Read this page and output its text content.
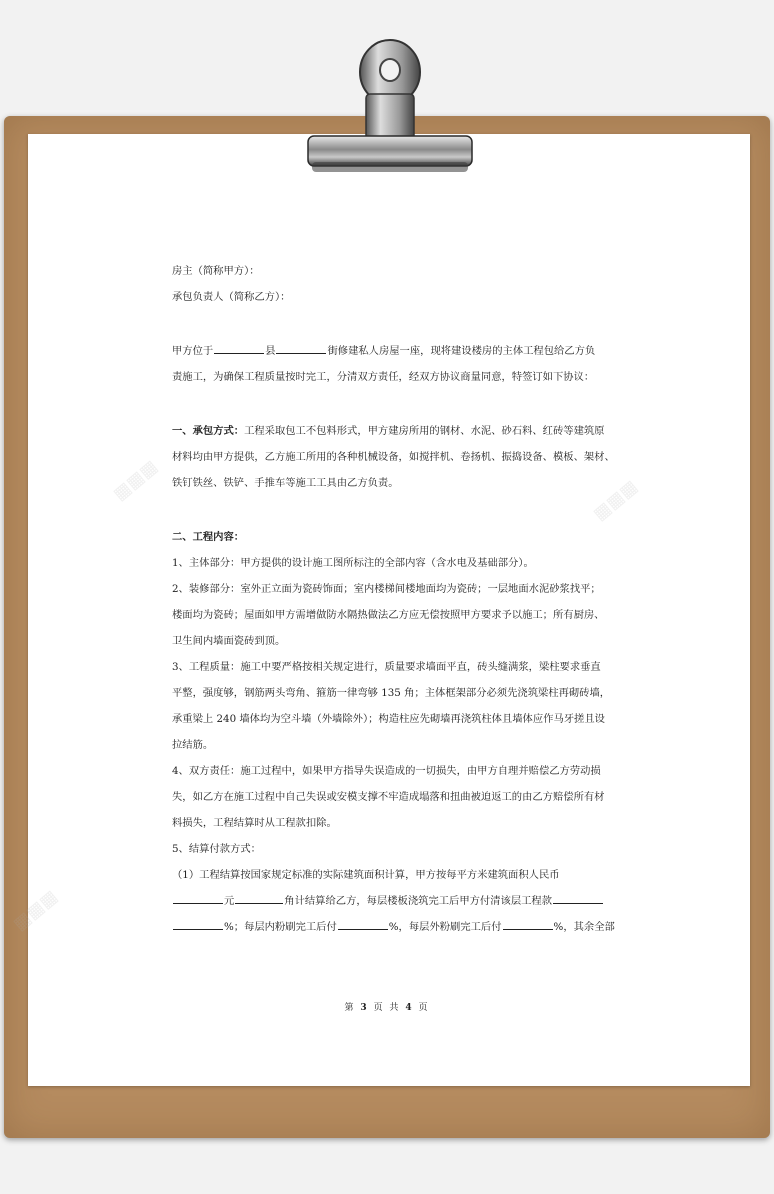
▦▦▦	▦▦▦
▦▦▦
房主（简称甲方）：
承包负责人（简称乙方）：
甲方位于	县	街修建私人房屋一座，现将建设楼房的主体工程包给乙方负
责施工，为确保工程质量按时完工，分清双方责任，经双方协议商量同意，特签订如下协议：
一、承包方式：工程采取包工不包料形式，甲方建房所用的钢材、水泥、砂石料、红砖等建筑原
材料均由甲方提供，乙方施工所用的各种机械设备，如搅拌机、卷扬机、振捣设备、模板、架材、
铁钉铁丝、铁铲、手推车等施工工具由乙方负责。
二、工程内容：
1、主体部分：甲方提供的设计施工图所标注的全部内容（含水电及基础部分）。
2、装修部分：室外正立面为瓷砖饰面；室内楼梯间楼地面均为瓷砖；一层地面水泥砂浆找平；
楼面均为瓷砖；屋面如甲方需增做防水隔热做法乙方应无偿按照甲方要求予以施工；所有厨房、
卫生间内墙面瓷砖到顶。
3、工程质量：施工中要严格按相关规定进行，质量要求墙面平直，砖头缝满浆，梁柱要求垂直
平整，强度够，钢筋两头弯角、箍筋一律弯够 135 角；主体框架部分必须先浇筑梁柱再砌砖墙，
承重梁上 240 墙体均为空斗墙（外墙除外）；构造柱应先砌墙再浇筑柱体且墙体应作马牙搓且设
拉结筋。
4、双方责任：施工过程中，如果甲方指导失误造成的一切损失，由甲方自理并赔偿乙方劳动损
失，如乙方在施工过程中自己失误或安模支撑不牢造成塌落和扭曲被迫返工的由乙方赔偿所有材
料损失，工程结算时从工程款扣除。
5、结算付款方式：
（1）工程结算按国家规定标准的实际建筑面积计算，甲方按每平方米建筑面积人民币
元	角计结算给乙方，每层楼板浇筑完工后甲方付清该层工程款
%；每层内粉刷完工后付	%，每层外粉刷完工后付	%，其余全部
第 3 页 共 4 页
